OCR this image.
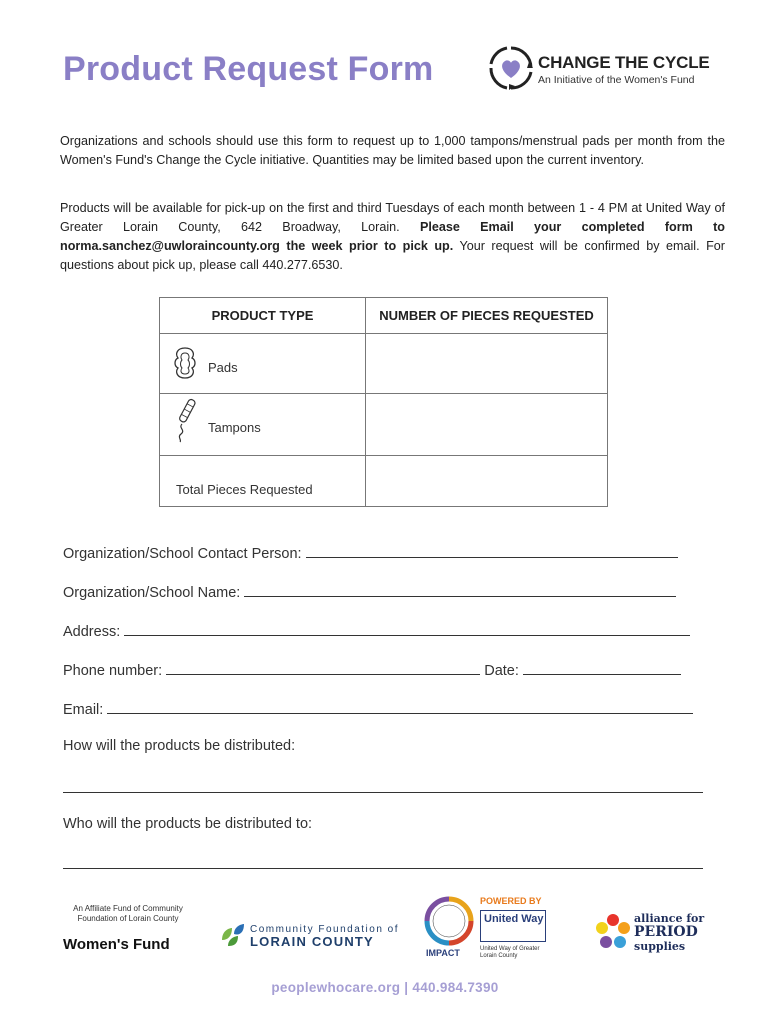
Product Request Form	CHANGE THE CYCLE
An Initiative of the Women's Fund
Organizations and schools should use this form to request up to 1,000 tampons/menstrual pads per month from the Women's Fund's Change the Cycle initiative. Quantities may be limited based upon the current inventory.
Products will be available for pick-up on the first and third Tuesdays of each month between 1 - 4 PM at United Way of Greater Lorain County, 642 Broadway, Lorain. Please Email your completed form to norma.sanchez@uwloraincounty.org the week prior to pick up. Your request will be confirmed by email. For questions about pick up, please call 440.277.6530.
PRODUCT TYPE	NUMBER OF PIECES REQUESTED

Pads	

Tampons	

Total Pieces Requested	

Organization/School Contact Person:
Organization/School Name:
Address:
Phone number:	Date:
Email:
How will the products be distributed:
Who will the products be distributed to:
An Affiliate Fund of Community Foundation of Lorain County
Women's Fund
Community Foundation of
LORAIN COUNTY
IMPACT
POWERED BY
United Way
United Way of Greater Lorain County
alliance for
PERIOD
supplies
peoplewhocare.org | 440.984.7390
